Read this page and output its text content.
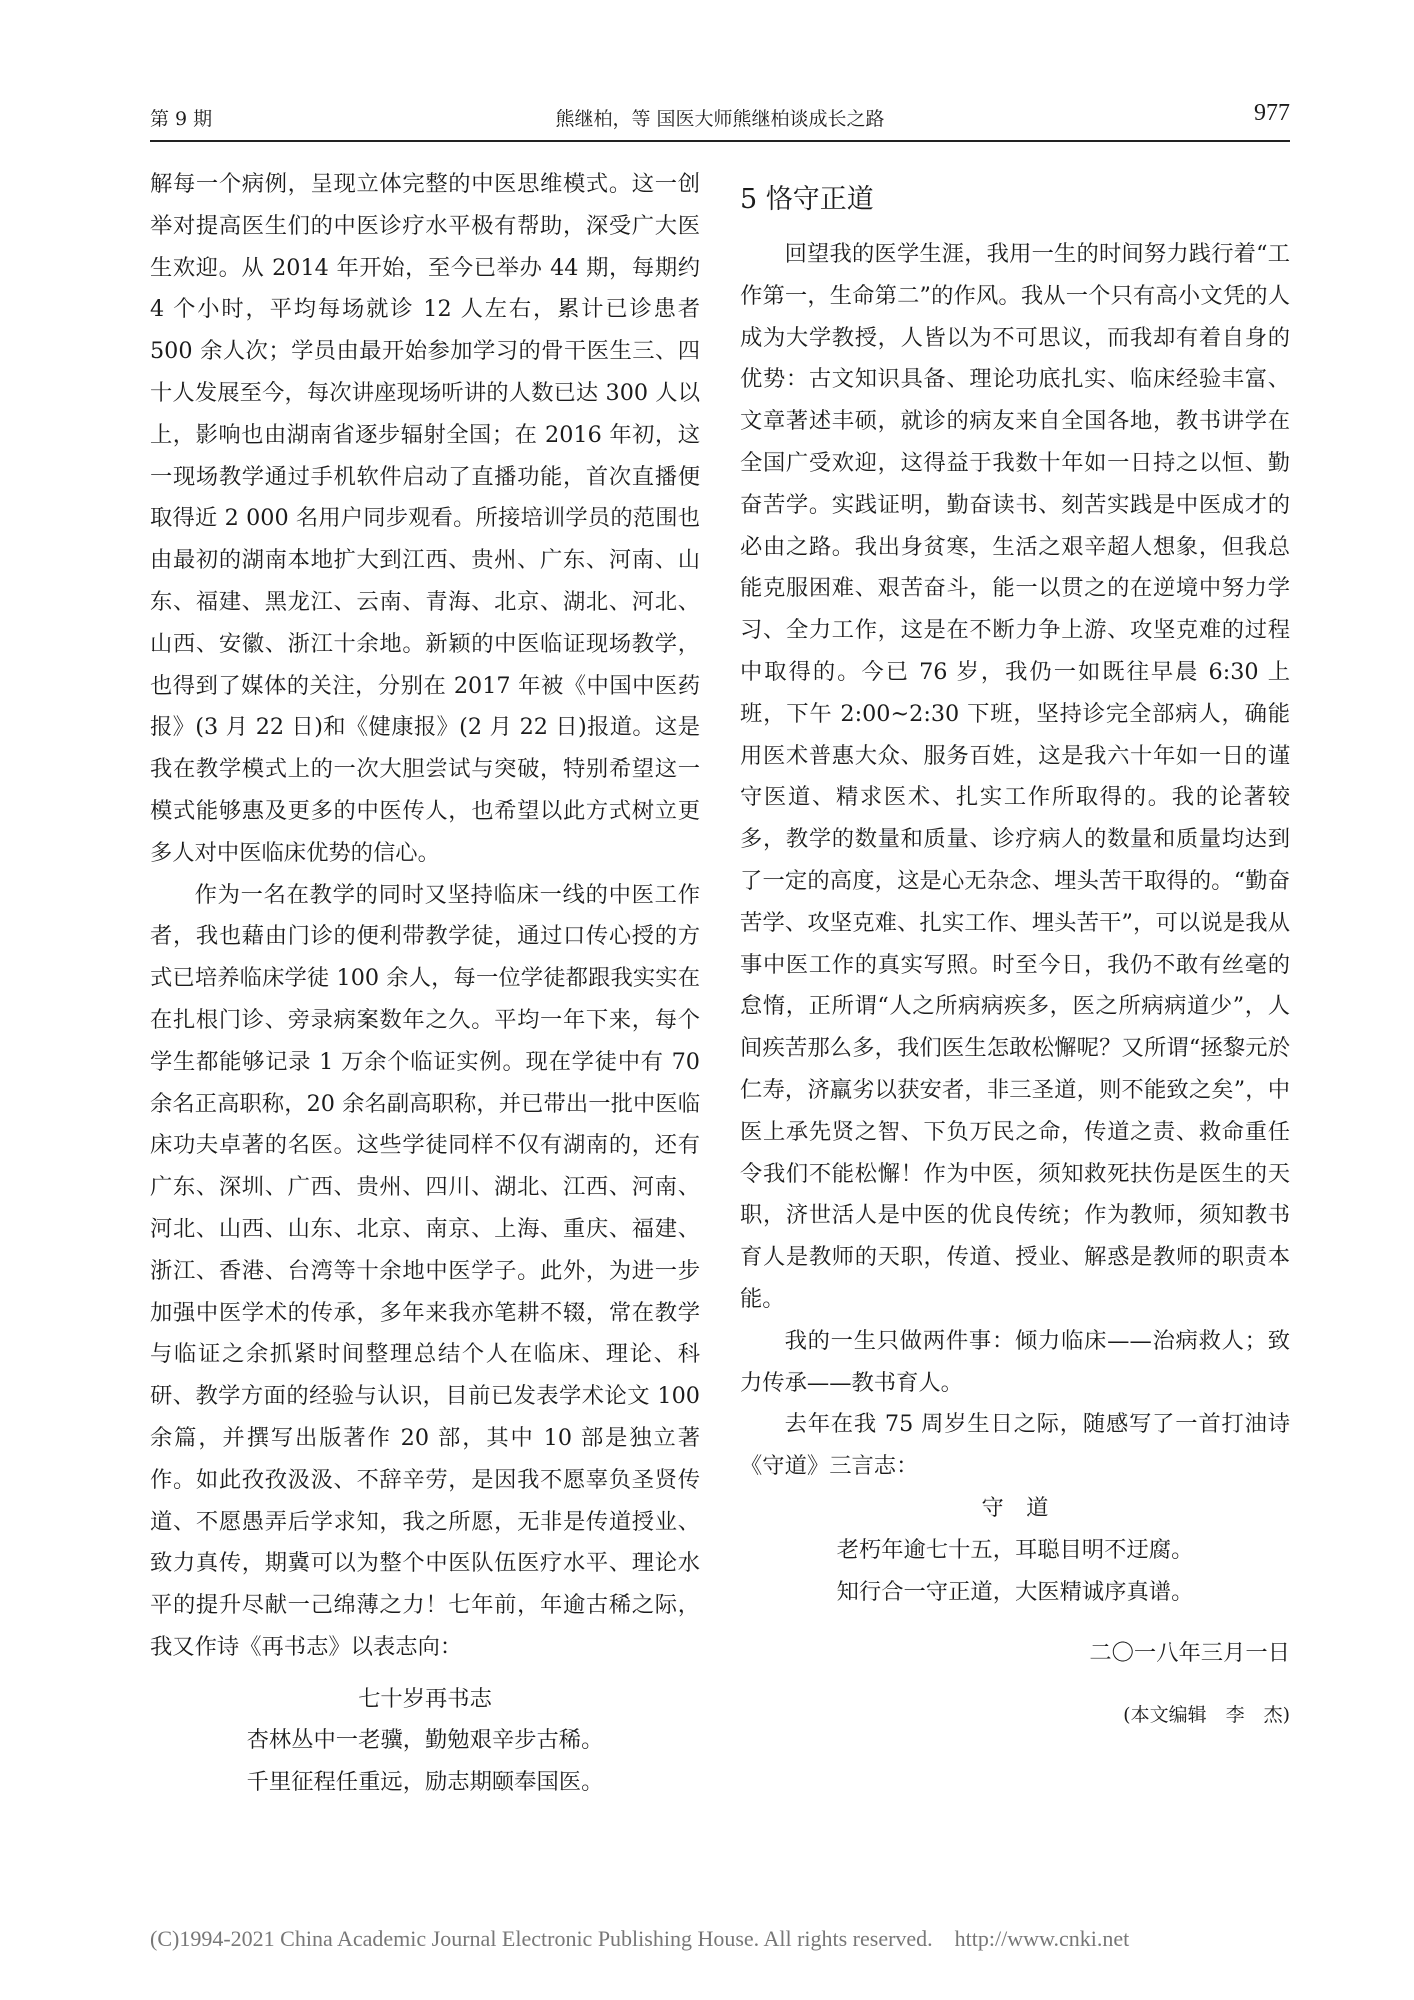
第 9 期	熊继柏，等 国医大师熊继柏谈成长之路	977

解每一个病例，呈现立体完整的中医思维模式。这一创举对提高医生们的中医诊疗水平极有帮助，深受广大医生欢迎。从 2014 年开始，至今已举办 44 期，每期约 4 个小时，平均每场就诊 12 人左右，累计已诊患者 500 余人次；学员由最开始参加学习的骨干医生三、四十人发展至今，每次讲座现场听讲的人数已达 300 人以上，影响也由湖南省逐步辐射全国；在 2016 年初，这一现场教学通过手机软件启动了直播功能，首次直播便取得近 2 000 名用户同步观看。所接培训学员的范围也由最初的湖南本地扩大到江西、贵州、广东、河南、山东、福建、黑龙江、云南、青海、北京、湖北、河北、山西、安徽、浙江十余地。新颖的中医临证现场教学，也得到了媒体的关注，分别在 2017 年被《中国中医药报》(3 月 22 日)和《健康报》(2 月 22 日)报道。这是我在教学模式上的一次大胆尝试与突破，特别希望这一模式能够惠及更多的中医传人，也希望以此方式树立更多人对中医临床优势的信心。

作为一名在教学的同时又坚持临床一线的中医工作者，我也藉由门诊的便利带教学徒，通过口传心授的方式已培养临床学徒 100 余人，每一位学徒都跟我实实在在扎根门诊、旁录病案数年之久。平均一年下来，每个学生都能够记录 1 万余个临证实例。现在学徒中有 70 余名正高职称，20 余名副高职称，并已带出一批中医临床功夫卓著的名医。这些学徒同样不仅有湖南的，还有广东、深圳、广西、贵州、四川、湖北、江西、河南、河北、山西、山东、北京、南京、上海、重庆、福建、浙江、香港、台湾等十余地中医学子。此外，为进一步加强中医学术的传承，多年来我亦笔耕不辍，常在教学与临证之余抓紧时间整理总结个人在临床、理论、科研、教学方面的经验与认识，目前已发表学术论文 100 余篇，并撰写出版著作 20 部，其中 10 部是独立著作。如此孜孜汲汲、不辞辛劳，是因我不愿辜负圣贤传道、不愿愚弄后学求知，我之所愿，无非是传道授业、致力真传，期冀可以为整个中医队伍医疗水平、理论水平的提升尽献一己绵薄之力！七年前，年逾古稀之际，我又作诗《再书志》以表志向：

七十岁再书志

杏林丛中一老骥，勤勉艰辛步古稀。

千里征程任重远，励志期颐奉国医。

5 恪守正道

回望我的医学生涯，我用一生的时间努力践行着“工作第一，生命第二”的作风。我从一个只有高小文凭的人成为大学教授，人皆以为不可思议，而我却有着自身的优势：古文知识具备、理论功底扎实、临床经验丰富、文章著述丰硕，就诊的病友来自全国各地，教书讲学在全国广受欢迎，这得益于我数十年如一日持之以恒、勤奋苦学。实践证明，勤奋读书、刻苦实践是中医成才的必由之路。我出身贫寒，生活之艰辛超人想象，但我总能克服困难、艰苦奋斗，能一以贯之的在逆境中努力学习、全力工作，这是在不断力争上游、攻坚克难的过程中取得的。今已 76 岁，我仍一如既往早晨 6:30 上班，下午 2:00~2:30 下班，坚持诊完全部病人，确能用医术普惠大众、服务百姓，这是我六十年如一日的谨守医道、精求医术、扎实工作所取得的。我的论著较多，教学的数量和质量、诊疗病人的数量和质量均达到了一定的高度，这是心无杂念、埋头苦干取得的。“勤奋苦学、攻坚克难、扎实工作、埋头苦干”，可以说是我从事中医工作的真实写照。时至今日，我仍不敢有丝毫的怠惰，正所谓“人之所病病疾多，医之所病病道少”，人间疾苦那么多，我们医生怎敢松懈呢？又所谓“拯黎元於仁寿，济羸劣以获安者，非三圣道，则不能致之矣”，中医上承先贤之智、下负万民之命，传道之责、救命重任令我们不能松懈！作为中医，须知救死扶伤是医生的天职，济世活人是中医的优良传统；作为教师，须知教书育人是教师的天职，传道、授业、解惑是教师的职责本能。

我的一生只做两件事：倾力临床——治病救人；致力传承——教书育人。

去年在我 75 周岁生日之际，随感写了一首打油诗《守道》三言志：

守　道

老朽年逾七十五，耳聪目明不迂腐。

知行合一守正道，大医精诚序真谱。

二〇一八年三月一日

(本文编辑　李　杰)

(C)1994-2021 China Academic Journal Electronic Publishing House. All rights reserved.    http://www.cnki.net
